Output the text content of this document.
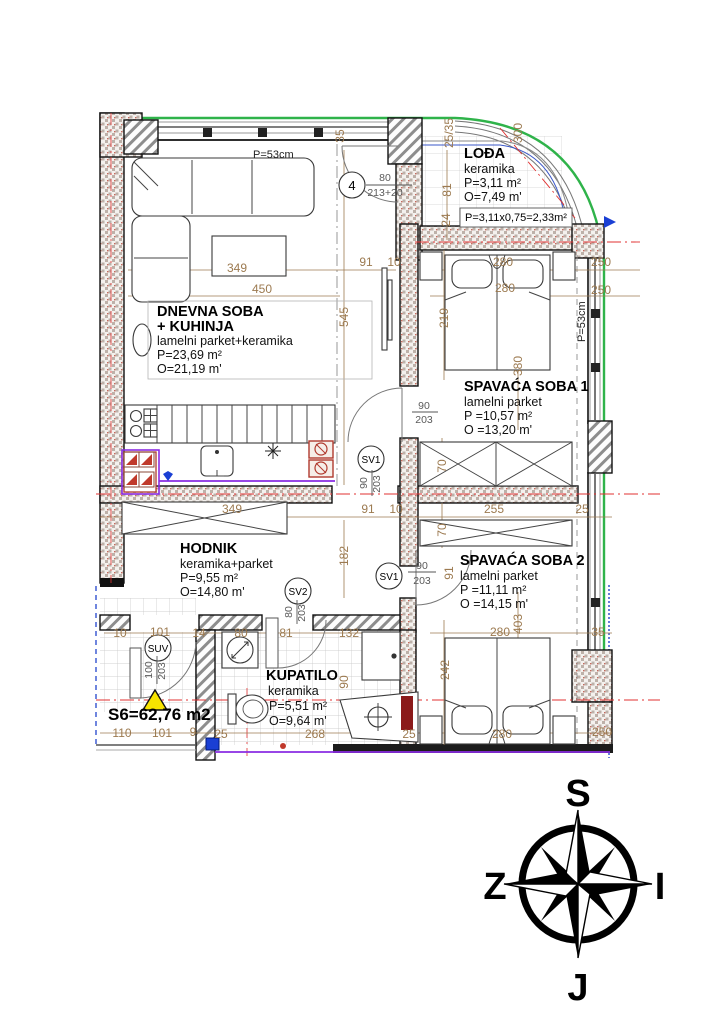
DNEVNA SOBA
+ KUHINJA
lamelni parket+keramika
P=23,69 m²
O=21,19 m'
LOĐA
keramika
P=3,11 m²
O=7,49 m'
P=3,11x0,75=2,33m²
SPAVAĆA SOBA 1
lamelni parket
P =10,57 m²
O =13,20 m'
SPAVAĆA SOBA 2
lamelni parket
P =11,11 m²
O =14,15 m'
HODNIK
keramika+parket
P=9,55 m²
O=14,80 m'
KUPATILO
keramika
P=5,51 m²
O=9,64 m'
S6=62,76 m2
4 80
213+20
SV1
90 203
90
203
SV1
90
203
SV2
80 203
SUV
100 203
P=53cm
P=53cm
35	25/35	300
81
24
349
450
545
91 10	280
280
219
380
250
250
70
349	91 10	255	25
70
182
91
403
280	35
242
280	250
10 101 14 80	81	132
90
110 101 9 25	268	25
S
J
I
Z
